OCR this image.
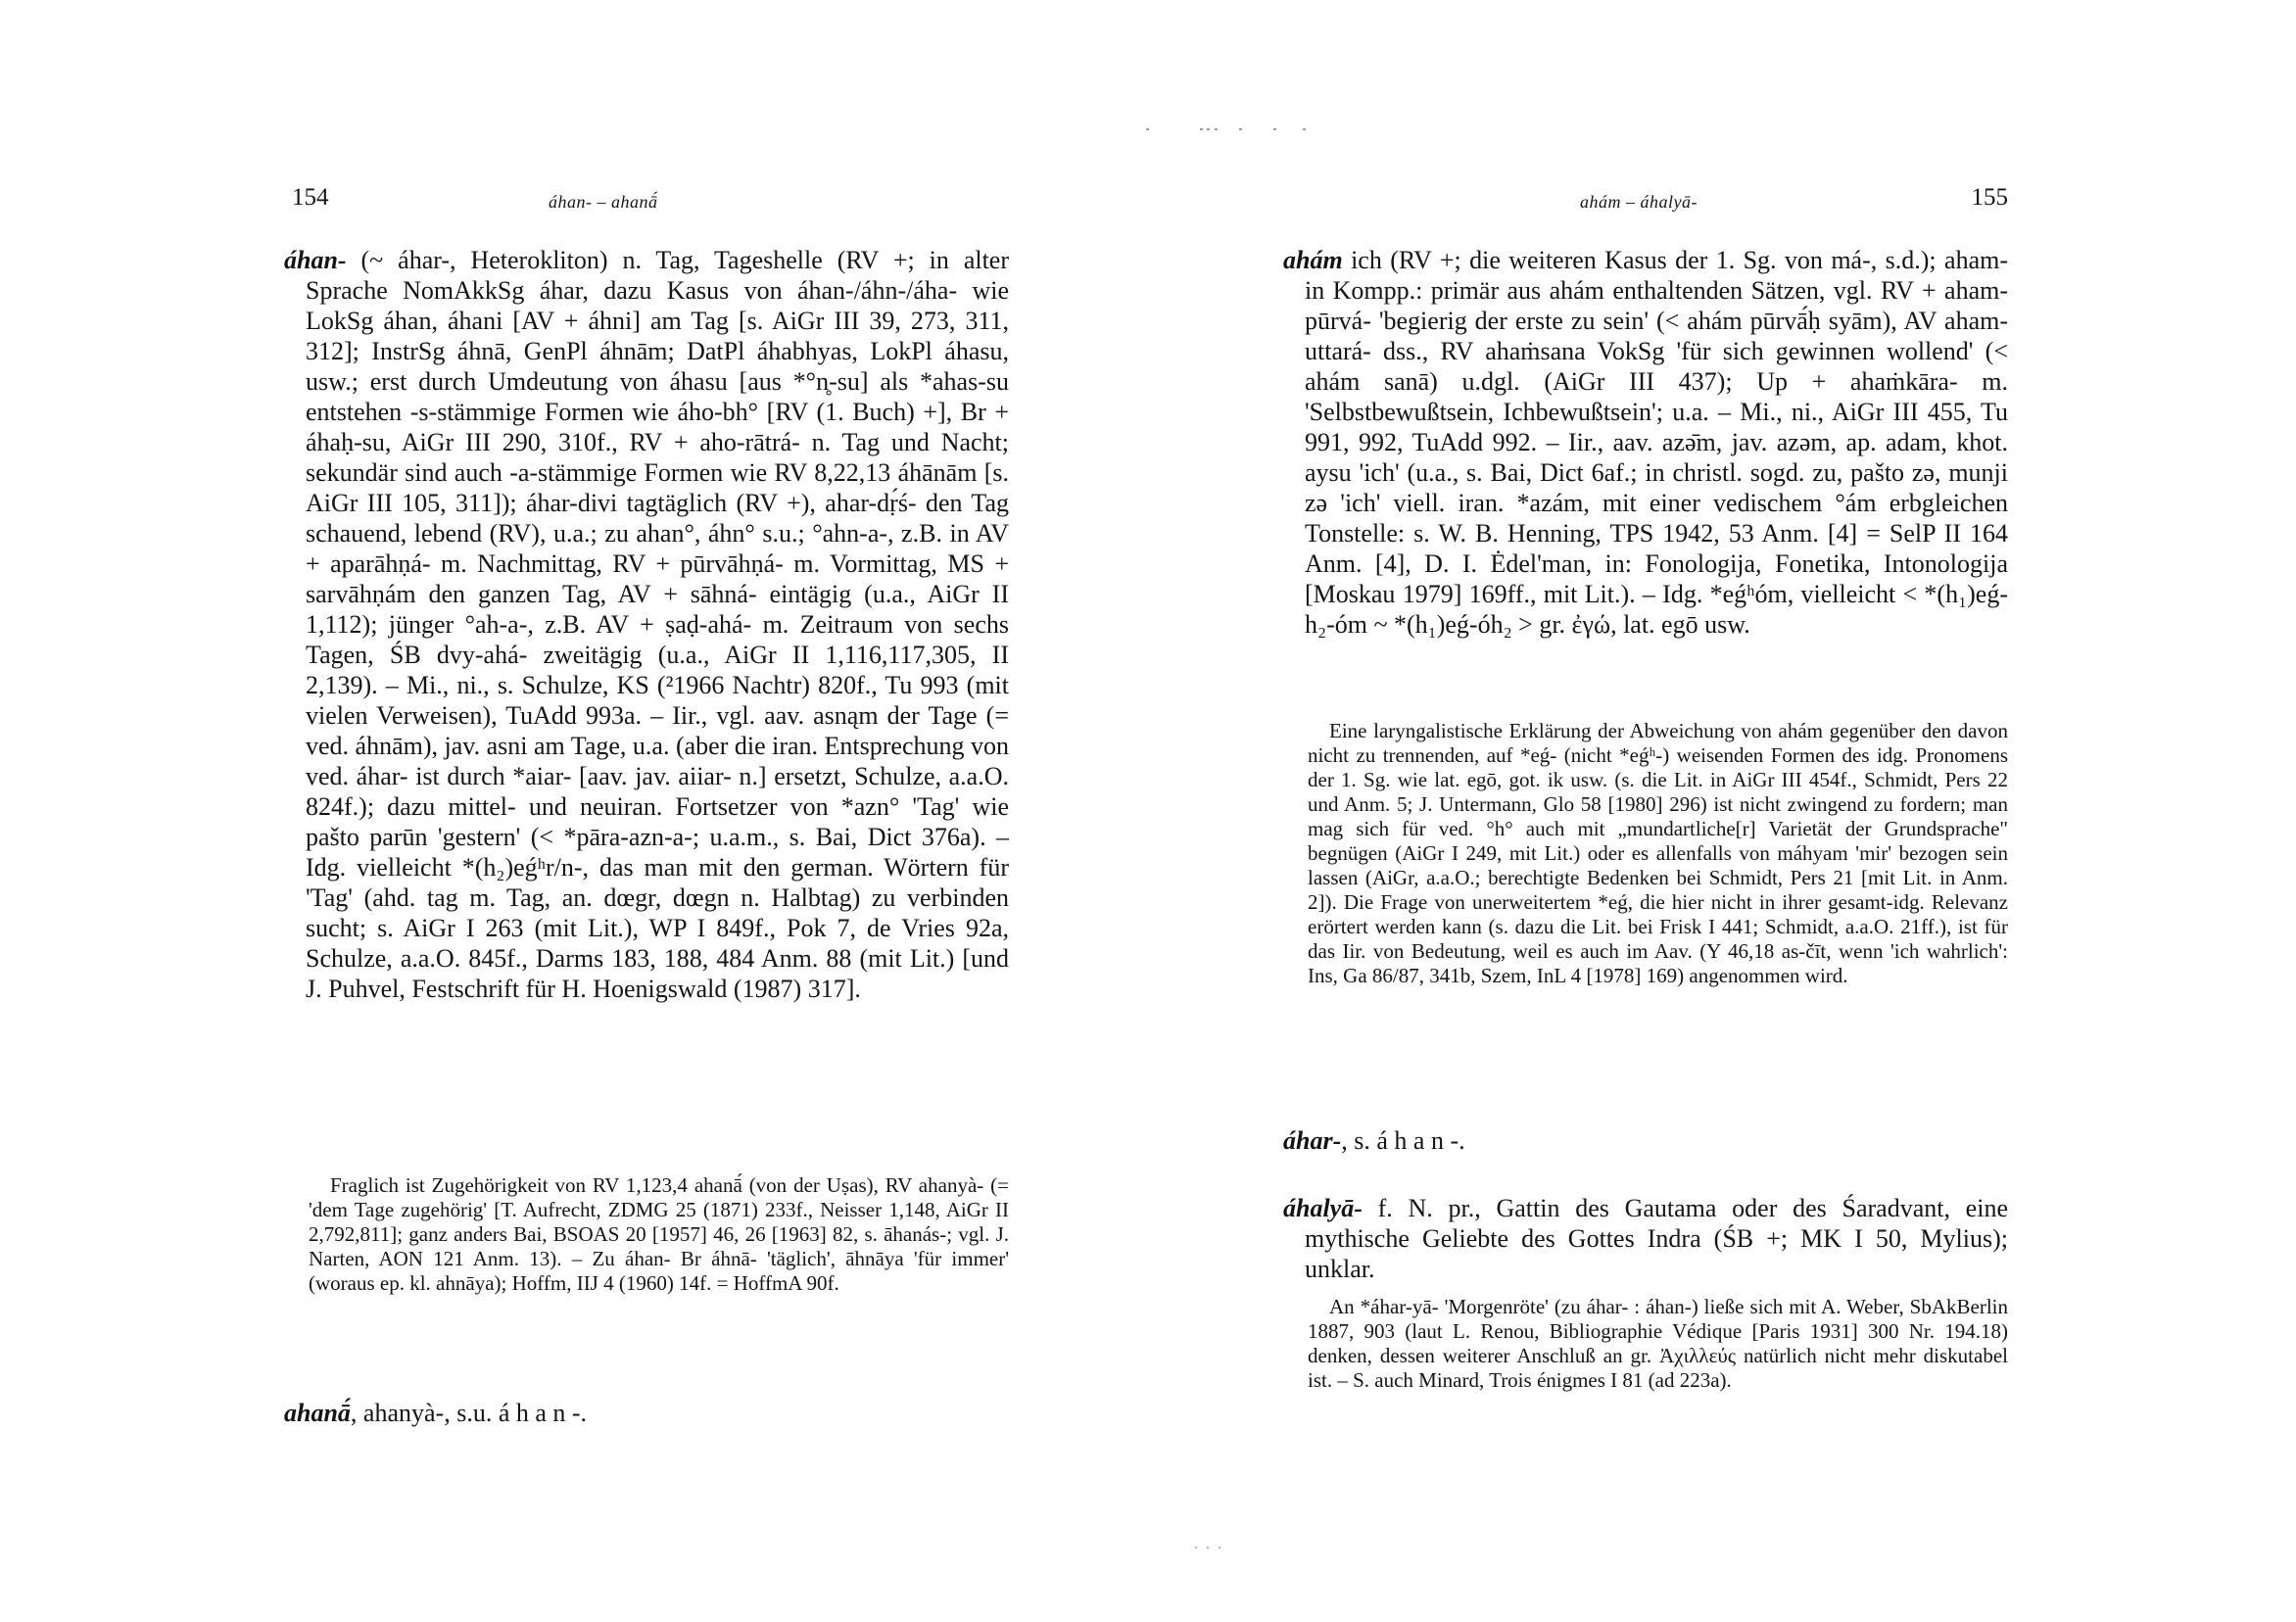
154	áhan- – ahanā́

áhan- (~ áhar-, Heterokliton) n. Tag, Tageshelle (RV +; in alter Sprache NomAkkSg áhar, dazu Kasus von áhan-/áhn-/áha- wie LokSg áhan, áhani [AV + áhni] am Tag [s. AiGr III 39, 273, 311, 312]; InstrSg áhnā, GenPl áhnām; DatPl áhabhyas, LokPl áhasu, usw.; erst durch Umdeutung von áhasu [aus *°n̥-su] als *ahas-su entstehen -s-stämmige Formen wie áho-bh° [RV (1. Buch) +], Br + áhaḥ-su, AiGr III 290, 310f., RV + aho-rātrá- n. Tag und Nacht; sekundär sind auch -a-stämmige Formen wie RV 8,22,13 áhānām [s. AiGr III 105, 311]); áhar-divi tagtäglich (RV +), ahar-dṛ́ś- den Tag schauend, lebend (RV), u.a.; zu ahan°, áhn° s.u.; °ahn-a-, z.B. in AV + aparāhṇá- m. Nachmittag, RV + pūrvāhṇá- m. Vormittag, MS + sarvāhṇám den ganzen Tag, AV + sāhná- eintägig (u.a., AiGr II 1,112); jünger °ah-a-, z.B. AV + ṣaḍ-ahá- m. Zeitraum von sechs Tagen, ŚB dvy-ahá- zweitägig (u.a., AiGr II 1,116,117,305, II 2,139). – Mi., ni., s. Schulze, KS (²1966 Nachtr) 820f., Tu 993 (mit vielen Verweisen), TuAdd 993a. – Iir., vgl. aav. asnąm der Tage (= ved. áhnām), jav. asni am Tage, u.a. (aber die iran. Entsprechung von ved. áhar- ist durch *aiar- [aav. jav. aiiar- n.] ersetzt, Schulze, a.a.O. 824f.); dazu mittel- und neuiran. Fortsetzer von *azn° 'Tag' wie pašto parūn 'gestern' (< *pāra-azn-a-; u.a.m., s. Bai, Dict 376a). – Idg. vielleicht *(h₂)eǵʰr/n-, das man mit den german. Wörtern für 'Tag' (ahd. tag m. Tag, an. dœgr, dœgn n. Halbtag) zu verbinden sucht; s. AiGr I 263 (mit Lit.), WP I 849f., Pok 7, de Vries 92a, Schulze, a.a.O. 845f., Darms 183, 188, 484 Anm. 88 (mit Lit.) [und J. Puhvel, Festschrift für H. Hoenigswald (1987) 317].

Fraglich ist Zugehörigkeit von RV 1,123,4 ahanā́ (von der Uṣas), RV ahanyà- (= 'dem Tage zugehörig' [T. Aufrecht, ZDMG 25 (1871) 233f., Neisser 1,148, AiGr II 2,792,811]; ganz anders Bai, BSOAS 20 [1957] 46, 26 [1963] 82, s. āhanás-; vgl. J. Narten, AON 121 Anm. 13). – Zu áhan- Br áhnā- 'täglich', āhnāya 'für immer' (woraus ep. kl. ahnāya); Hoffm, IIJ 4 (1960) 14f. = HoffmA 90f.

ahanā́, ahanyà-, s.u. á h a n -.
ahám – áhalyā-	155

ahám ich (RV +; die weiteren Kasus der 1. Sg. von má-, s.d.); aham- in Kompp.: primär aus ahám enthaltenden Sätzen, vgl. RV + aham-pūrvá- 'begierig der erste zu sein' (< ahám pūrvā́ḥ syām), AV aham-uttará- dss., RV ahaṁsana VokSg 'für sich gewinnen wollend' (< ahám sanā) u.dgl. (AiGr III 437); Up + ahaṁkāra- m. 'Selbstbewußtsein, Ichbewußtsein'; u.a. – Mi., ni., AiGr III 455, Tu 991, 992, TuAdd 992. – Iir., aav. azə̄m, jav. azəm, ap. adam, khot. aysu 'ich' (u.a., s. Bai, Dict 6af.; in christl. sogd. zu, pašto zə, munji zə 'ich' viell. iran. *azám, mit einer vedischem °ám erbgleichen Tonstelle: s. W. B. Henning, TPS 1942, 53 Anm. [4] = SelP II 164 Anm. [4], D. I. Ėdel'man, in: Fonologija, Fonetika, Intonologija [Moskau 1979] 169ff., mit Lit.). – Idg. *eǵʰóm, vielleicht < *(h₁)eǵ-h₂-óm ~ *(h₁)eǵ-óh₂ > gr. ἐγώ, lat. egō usw.

Eine laryngalistische Erklärung der Abweichung von ahám gegenüber den davon nicht zu trennenden, auf *eǵ- (nicht *eǵʰ-) weisenden Formen des idg. Pronomens der 1. Sg. wie lat. egō, got. ik usw. (s. die Lit. in AiGr III 454f., Schmidt, Pers 22 und Anm. 5; J. Untermann, Glo 58 [1980] 296) ist nicht zwingend zu fordern; man mag sich für ved. °h° auch mit „mundartliche[r] Varietät der Grundsprache" begnügen (AiGr I 249, mit Lit.) oder es allenfalls von máhyam 'mir' bezogen sein lassen (AiGr, a.a.O.; berechtigte Bedenken bei Schmidt, Pers 21 [mit Lit. in Anm. 2]). Die Frage von unerweitertem *eǵ, die hier nicht in ihrer gesamt-idg. Relevanz erörtert werden kann (s. dazu die Lit. bei Frisk I 441; Schmidt, a.a.O. 21ff.), ist für das Iir. von Bedeutung, weil es auch im Aav. (Y 46,18 as-čīt, wenn 'ich wahrlich': Ins, Ga 86/87, 341b, Szem, InL 4 [1978] 169) angenommen wird.

áhar-, s. á h a n -.

áhalyā- f. N. pr., Gattin des Gautama oder des Śaradvant, eine mythische Geliebte des Gottes Indra (ŚB +; MK I 50, Mylius); unklar.

An *áhar-yā- 'Morgenröte' (zu áhar- : áhan-) ließe sich mit A. Weber, SbAkBerlin 1887, 903 (laut L. Renou, Bibliographie Védique [Paris 1931] 300 Nr. 194.18) denken, dessen weiterer Anschluß an gr. Ἀχιλλεύς natürlich nicht mehr diskutabel ist. – S. auch Minard, Trois énigmes I 81 (ad 223a).
